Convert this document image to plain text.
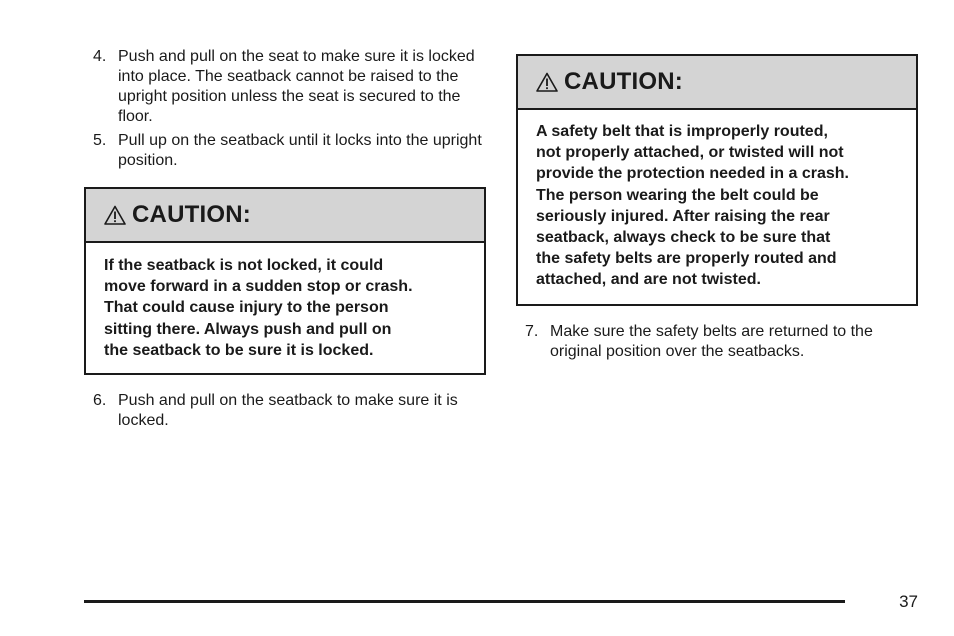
4. Push and pull on the seat to make sure it is locked into place. The seatback cannot be raised to the upright position unless the seat is secured to the floor.
5. Pull up on the seatback until it locks into the upright position.
CAUTION:
If the seatback is not locked, it could
move forward in a sudden stop or crash.
That could cause injury to the person
sitting there. Always push and pull on
the seatback to be sure it is locked.
6. Push and pull on the seatback to make sure it is locked.
CAUTION:
A safety belt that is improperly routed,
not properly attached, or twisted will not
provide the protection needed in a crash.
The person wearing the belt could be
seriously injured. After raising the rear
seatback, always check to be sure that
the safety belts are properly routed and
attached, and are not twisted.
7. Make sure the safety belts are returned to the original position over the seatbacks.
37
